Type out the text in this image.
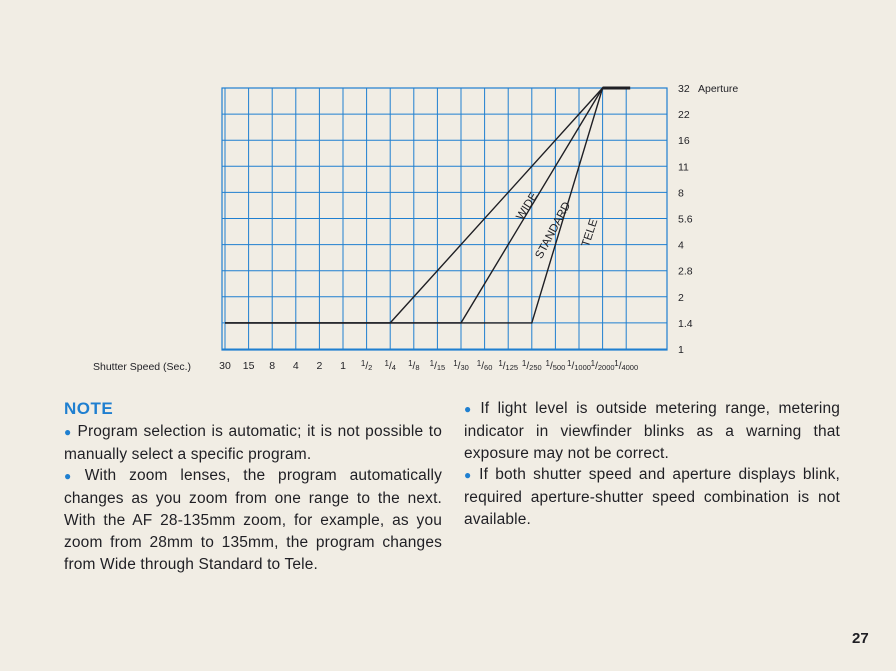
WIDE
STANDARD TELE
1
1.4
2
2.8
4
5.6
8
11
16
22
32
30 15 8 4 2 1 1/2 1/4 1/8 1/15 1/30 1/60 1/125 1/250 1/500 1/1000 1/2000 1/4000
Aperture
Shutter Speed (Sec.)
NOTE

● Program selection is automatic; it is not possible to manually select a specific program.

● With zoom lenses, the program automatically changes as you zoom from one range to the next. With the AF 28-135mm zoom, for example, as you zoom from 28mm to 135mm, the program changes from Wide through Standard to Tele.

● If light level is outside metering range, metering indicator in viewfinder blinks as a warning that exposure may not be correct.

● If both shutter speed and aperture displays blink, required aperture-shutter speed combination is not available.

27
